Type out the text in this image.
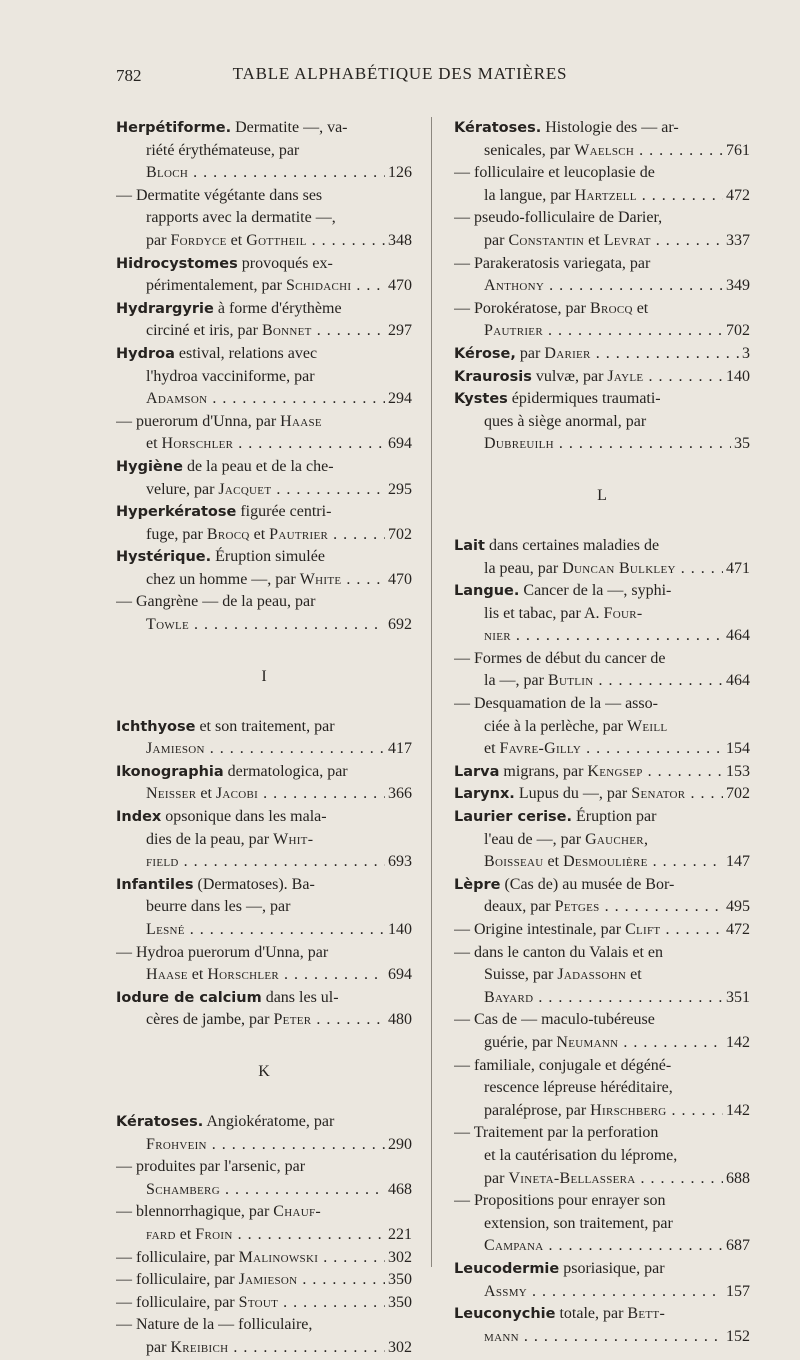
782	TABLE ALPHABÉTIQUE DES MATIÈRES
Herpétiforme. Dermatite —, va-
riété érythémateuse, par
Bloch . . .	126
— Dermatite végétante dans ses
rapports avec la dermatite —,
par Fordyce et Gottheil . . .	348
Hidrocystomes provoqués ex-
périmentalement, par Schidachi . . . 470
Hydrargyrie à forme d'érythème
circiné et iris, par Bonnet . . .	297
Hydroa estival, relations avec
l'hydroa vacciniforme, par
Adamson . . .	294
— puerorum d'Unna, par Haase
et Horschler . . .	694
Hygiène de la peau et de la che-
velure, par Jacquet . . .	295
Hyperkératose figurée centri-
fuge, par Brocq et Pautrier . . .	702
Hystérique. Éruption simulée
chez un homme —, par White . . .	470
— Gangrène — de la peau, par
Towle . . .	692
I
Ichthyose et son traitement, par
Jamieson . . .	417
Ikonographia dermatologica, par
Neisser et Jacobi . . .	366
Index opsonique dans les mala-
dies de la peau, par Whit-
field . . .	693
Infantiles (Dermatoses). Ba-
beurre dans les —, par
Lesné . . .	140
— Hydroa puerorum d'Unna, par
Haase et Horschler . . .	694
Iodure de calcium dans les ul-
cères de jambe, par Peter . . .	480
K
Kératoses. Angiokératome, par
Frohvein . . .	290
— produites par l'arsenic, par
Schamberg . . .	468
— blennorrhagique, par Chauf-
fard et Froin . . .	221
— folliculaire, par Malinowski . . .	302
— folliculaire, par Jamieson . . .	350
— folliculaire, par Stout . . .	350
— Nature de la — folliculaire,
par Kreibich . . .	302
Kératoses. Histologie des — ar-
senicales, par Waelsch . . .	761
— folliculaire et leucoplasie de
la langue, par Hartzell . . .	472
— pseudo-folliculaire de Darier,
par Constantin et Levrat . . .	337
— Parakeratosis variegata, par
Anthony . . .	349
— Porokératose, par Brocq et
Pautrier . . .	702
Kérose, par Darier . . .	3
Kraurosis vulvæ, par Jayle . . .	140
Kystes épidermiques traumati-
ques à siège anormal, par
Dubreuilh . . .	35
L
Lait dans certaines maladies de
la peau, par Duncan Bulkley . . .	471
Langue. Cancer de la —, syphi-
lis et tabac, par A. Four-
nier . . .	464
— Formes de début du cancer de
la —, par Butlin . . .	464
— Desquamation de la — asso-
ciée à la perlèche, par Weill
et Favre-Gilly . . .	154
Larva migrans, par Kengsep . . .	153
Larynx. Lupus du —, par Senator . . .	702
Laurier cerise. Éruption par
l'eau de —, par Gaucher,
Boisseau et Desmoulière . . .	147
Lèpre (Cas de) au musée de Bor-
deaux, par Petges . . .	495
— Origine intestinale, par Clift . . .	472
— dans le canton du Valais et en
Suisse, par Jadassohn et
Bayard . . .	351
— Cas de — maculo-tubéreuse
guérie, par Neumann . . .	142
— familiale, conjugale et dégéné-
rescence lépreuse héréditaire,
paraléprose, par Hirschberg . . .	142
— Traitement par la perforation
et la cautérisation du léprome,
par Vineta-Bellassera . . .	688
— Propositions pour enrayer son
extension, son traitement, par
Campana . . .	687
Leucodermie psoriasique, par
Assmy . . .	157
Leuconychie totale, par Bett-
mann . . .	152
